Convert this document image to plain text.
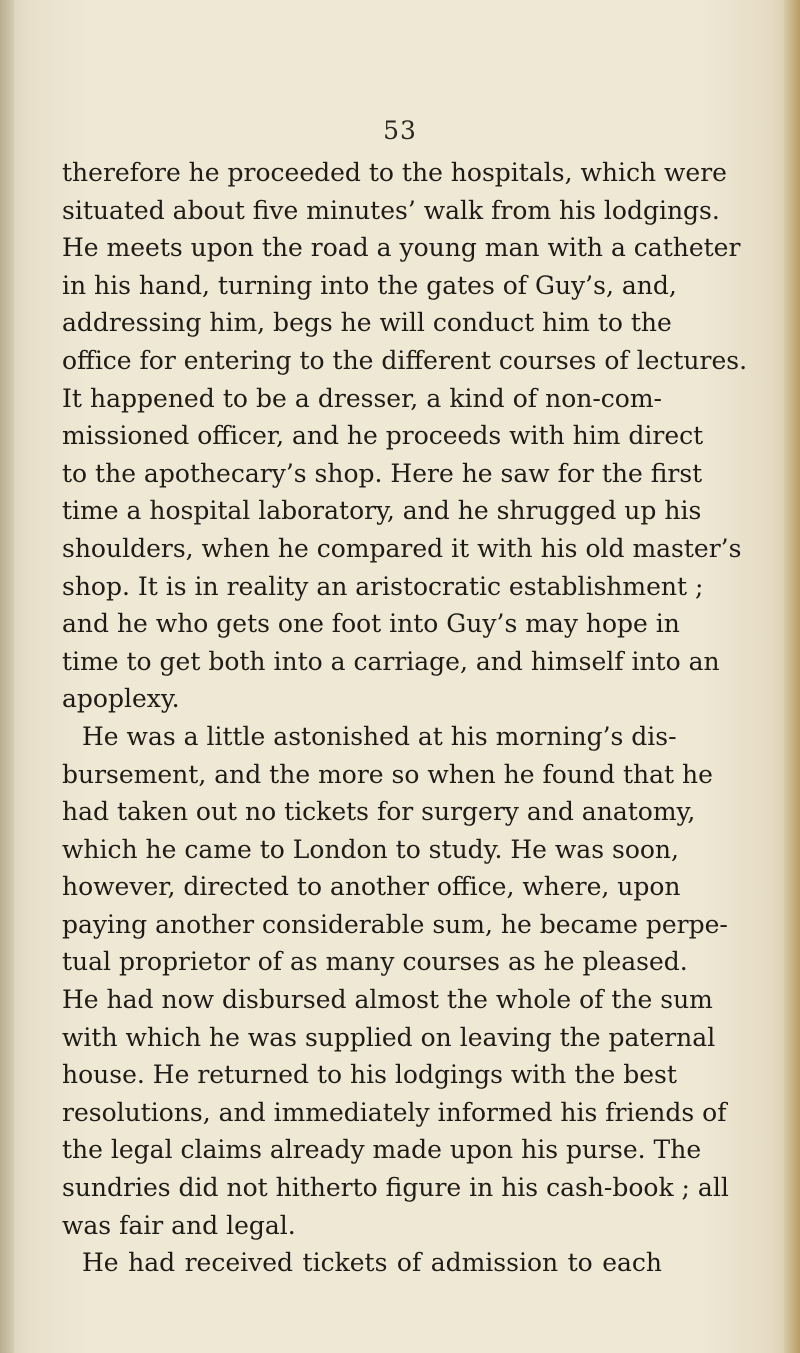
53
therefore he proceeded to the hospitals, which were
situated about five minutes’ walk from his lodgings.
He meets upon the road a young man with a catheter
in his hand, turning into the gates of Guy’s, and,
addressing him, begs he will conduct him to the
office for entering to the different courses of lectures.
It happened to be a dresser, a kind of non-com-
missioned officer, and he proceeds with him direct
to the apothecary’s shop. Here he saw for the first
time a hospital laboratory, and he shrugged up his
shoulders, when he compared it with his old master’s
shop. It is in reality an aristocratic establishment ;
and he who gets one foot into Guy’s may hope in
time to get both into a carriage, and himself into an
apoplexy.
He was a little astonished at his morning’s dis-
bursement, and the more so when he found that he
had taken out no tickets for surgery and anatomy,
which he came to London to study. He was soon,
however, directed to another office, where, upon
paying another considerable sum, he became perpe-
tual proprietor of as many courses as he pleased.
He had now disbursed almost the whole of the sum
with which he was supplied on leaving the paternal
house. He returned to his lodgings with the best
resolutions, and immediately informed his friends of
the legal claims already made upon his purse. The
sundries did not hitherto figure in his cash-book ; all
was fair and legal.
He had received tickets of admission to each
